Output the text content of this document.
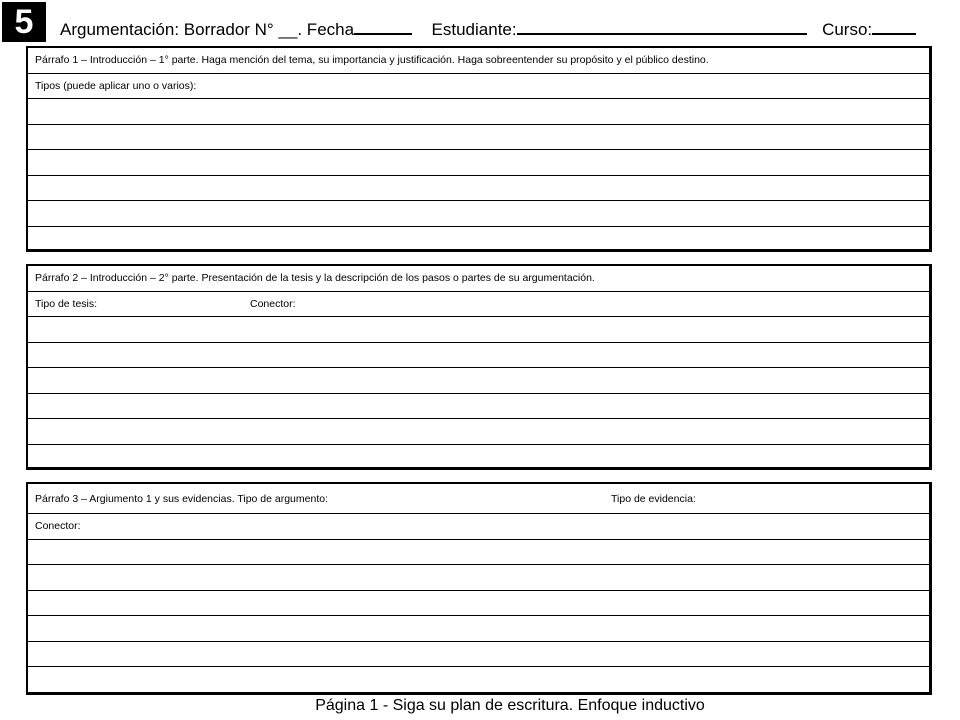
5	Argumentación: Borrador N° __. Fecha	Estudiante:	Curso:
Párrafo 1 – Introducción – 1° parte. Haga mención del tema, su importancia y justificación. Haga sobreentender su propósito y el público destino.
Tipos (puede aplicar uno o varios):
Párrafo 2 – Introducción – 2° parte. Presentación de la tesis y la descripción de los pasos o partes de su argumentación.
Tipo de tesis:	Conector:
Párrafo 3 – Argiumento 1 y sus evidencias. Tipo de argumento:	Tipo de evidencia:
Conector:
Página 1 - Siga su plan de escritura. Enfoque inductivo
